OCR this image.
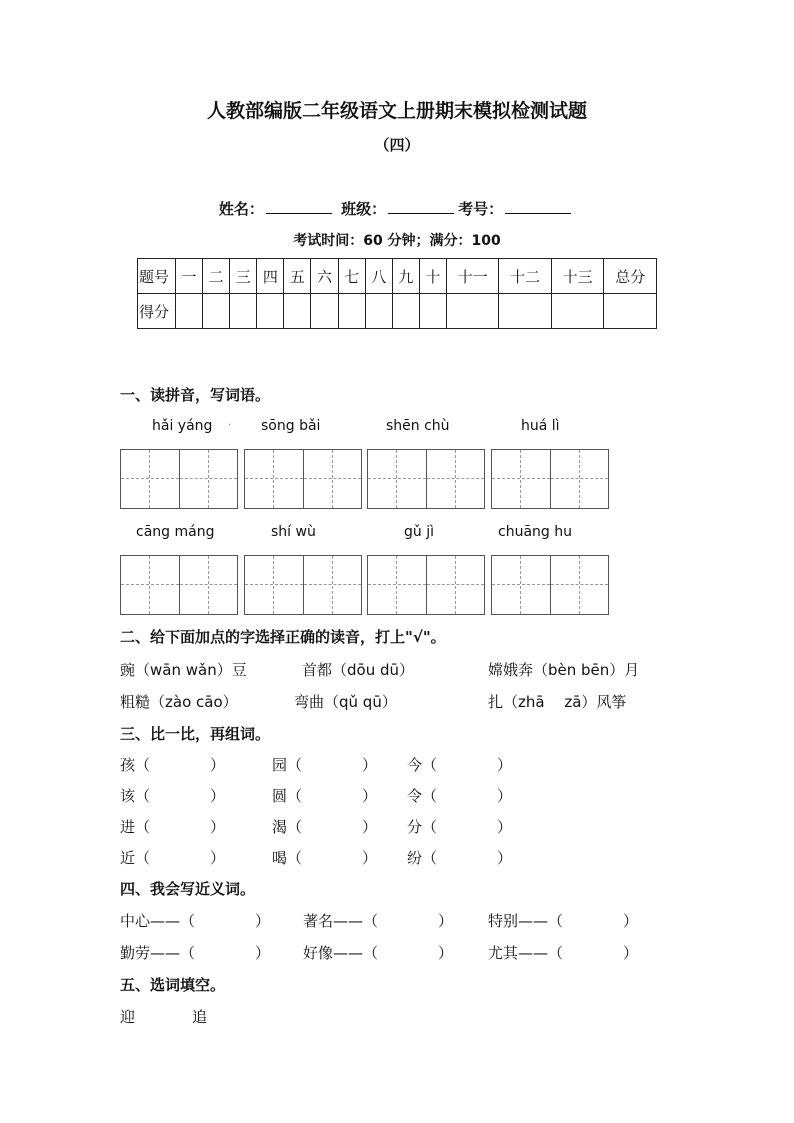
人教部编版二年级语文上册期末模拟检测试题
（四）
姓名：	班级：	考号：
考试时间：60 分钟；满分：100
题号	一	二	三	四	五	六	七	八	九	十	十一	十二	十三	总分
得分														
一、读拼音，写词语。
hǎi yáng · sōng bǎi	shēn chù	huá lì
cāng máng	shí wù	gǔ jì	chuāng hu
二、给下面加点的字选择正确的读音，打上"√"。
豌（wān wǎn）豆	首都（dōu dū）	嫦娥奔（bèn bēn）月
粗糙（zào cāo）	弯曲（qǔ qū）	扎（zhā　 zā）风筝
三、比一比，再组词。
孩（　　　　）	园（　　　　） 今（　　　　）
该（　　　　）	圆（　　　　） 令（　　　　）
进（　　　　）	渴（　　　　） 分（　　　　）
近（　　　　）	喝（　　　　） 纷（　　　　）
四、我会写近义词。
中心——（　　　　） 著名——（　　　　） 特别——（　　　　）
勤劳——（　　　　） 好像——（　　　　） 尤其——（　　　　）
五、选词填空。
迎	追
